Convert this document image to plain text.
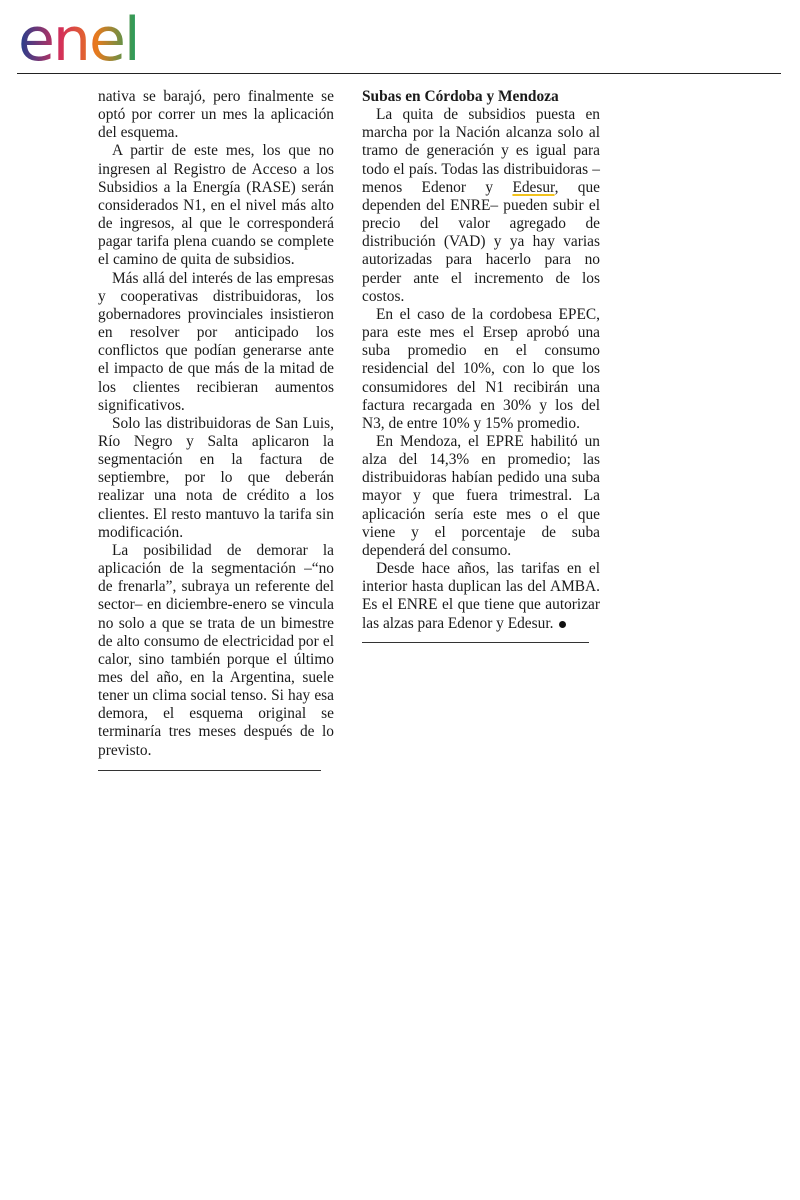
enel

nativa se barajó, pero finalmente se optó por correr un mes la aplicación del esquema.

A partir de este mes, los que no ingresen al Registro de Acceso a los Subsidios a la Energía (RASE) serán considerados N1, en el nivel más alto de ingresos, al que le corresponderá pagar tarifa plena cuando se complete el camino de quita de subsidios.

Más allá del interés de las empresas y cooperativas distribuidoras, los gobernadores provinciales insistieron en resolver por anticipado los conflictos que podían generarse ante el impacto de que más de la mitad de los clientes recibieran aumentos significativos.

Solo las distribuidoras de San Luis, Río Negro y Salta aplicaron la segmentación en la factura de septiembre, por lo que deberán realizar una nota de crédito a los clientes. El resto mantuvo la tarifa sin modificación.

La posibilidad de demorar la aplicación de la segmentación –“no de frenarla”, subraya un referente del sector– en diciembre-enero se vincula no solo a que se trata de un bimestre de alto consumo de electricidad por el calor, sino también porque el último mes del año, en la Argentina, suele tener un clima social tenso. Si hay esa demora, el esquema original se terminaría tres meses después de lo previsto.

Subas en Córdoba y Mendoza

La quita de subsidios puesta en marcha por la Nación alcanza solo al tramo de generación y es igual para todo el país. Todas las distribuidoras –menos Edenor y Edesur, que dependen del ENRE– pueden subir el precio del valor agregado de distribución (VAD) y ya hay varias autorizadas para hacerlo para no perder ante el incremento de los costos.

En el caso de la cordobesa EPEC, para este mes el Ersep aprobó una suba promedio en el consumo residencial del 10%, con lo que los consumidores del N1 recibirán una factura recargada en 30% y los del N3, de entre 10% y 15% promedio.

En Mendoza, el EPRE habilitó un alza del 14,3% en promedio; las distribuidoras habían pedido una suba mayor y que fuera trimestral. La aplicación sería este mes o el que viene y el porcentaje de suba dependerá del consumo.

Desde hace años, las tarifas en el interior hasta duplican las del AMBA. Es el ENRE el que tiene que autorizar las alzas para Edenor y Edesur.
